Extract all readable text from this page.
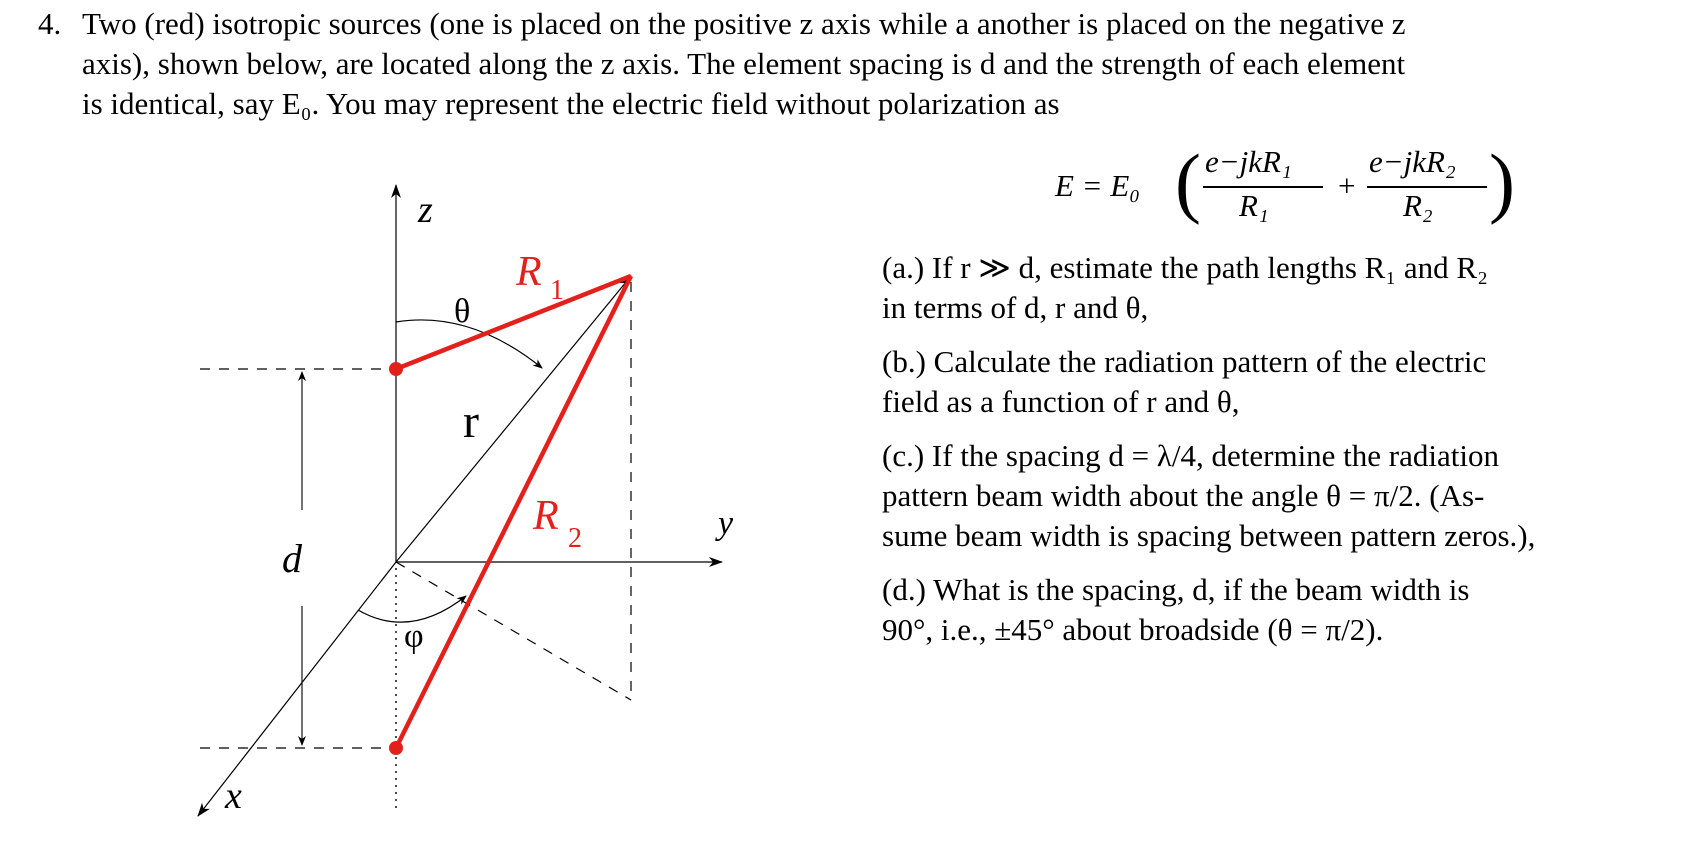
4. Two (red) isotropic sources (one is placed on the positive z axis while a another is placed on the negative z
axis), shown below, are located along the z axis. The element spacing is d and the strength of each element
is identical, say E₀. You may represent the electric field without polarization as
E = E₀ ( e−jkR₁
R₁
+
e−jkR₂
R₂ )
(a.) If r ≫ d, estimate the path lengths R₁ and R₂
in terms of d, r and θ,
(b.) Calculate the radiation pattern of the electric
field as a function of r and θ,
(c.) If the spacing d = λ/4, determine the radiation
pattern beam width about the angle θ = π/2. (As-
sume beam width is spacing between pattern zeros.),
(d.) What is the spacing, d, if the beam width is
90°, i.e., ±45° about broadside (θ = π/2).
z
y
x
θ
φ
r
d
R 1
R 2
